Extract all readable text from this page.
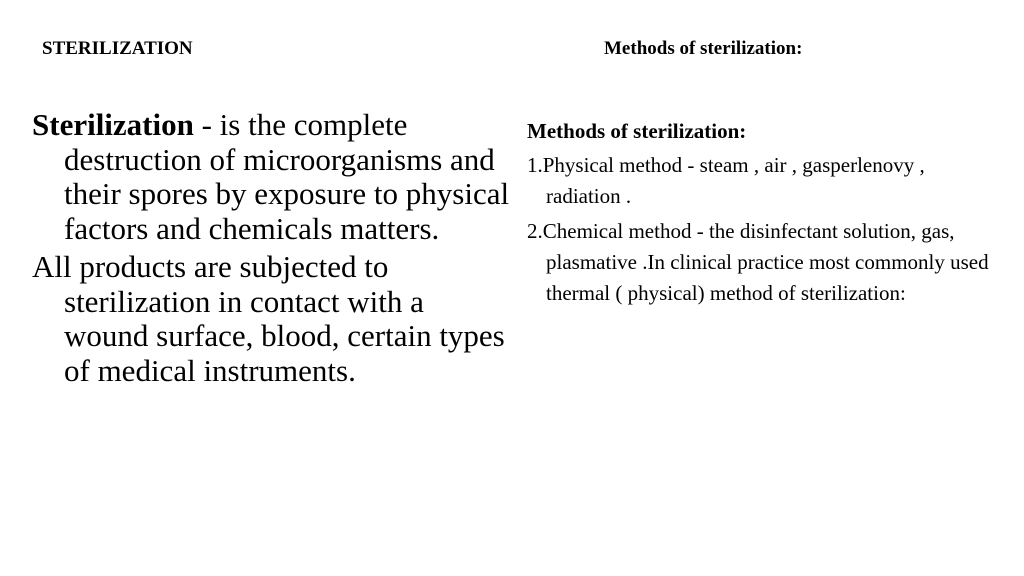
STERILIZATION	Methods of sterilization:

Sterilization - is the complete destruction of microorganisms and their spores by exposure to physical factors and chemicals matters.

All products are subjected to sterilization in contact with a wound surface, blood, certain types of medical instruments.

Methods of sterilization:

1.Physical method - steam , air , gasperlenovy , radiation .

2.Chemical method - the disinfectant solution, gas, plasmative .In clinical practice most commonly used thermal ( physical) method of sterilization:
